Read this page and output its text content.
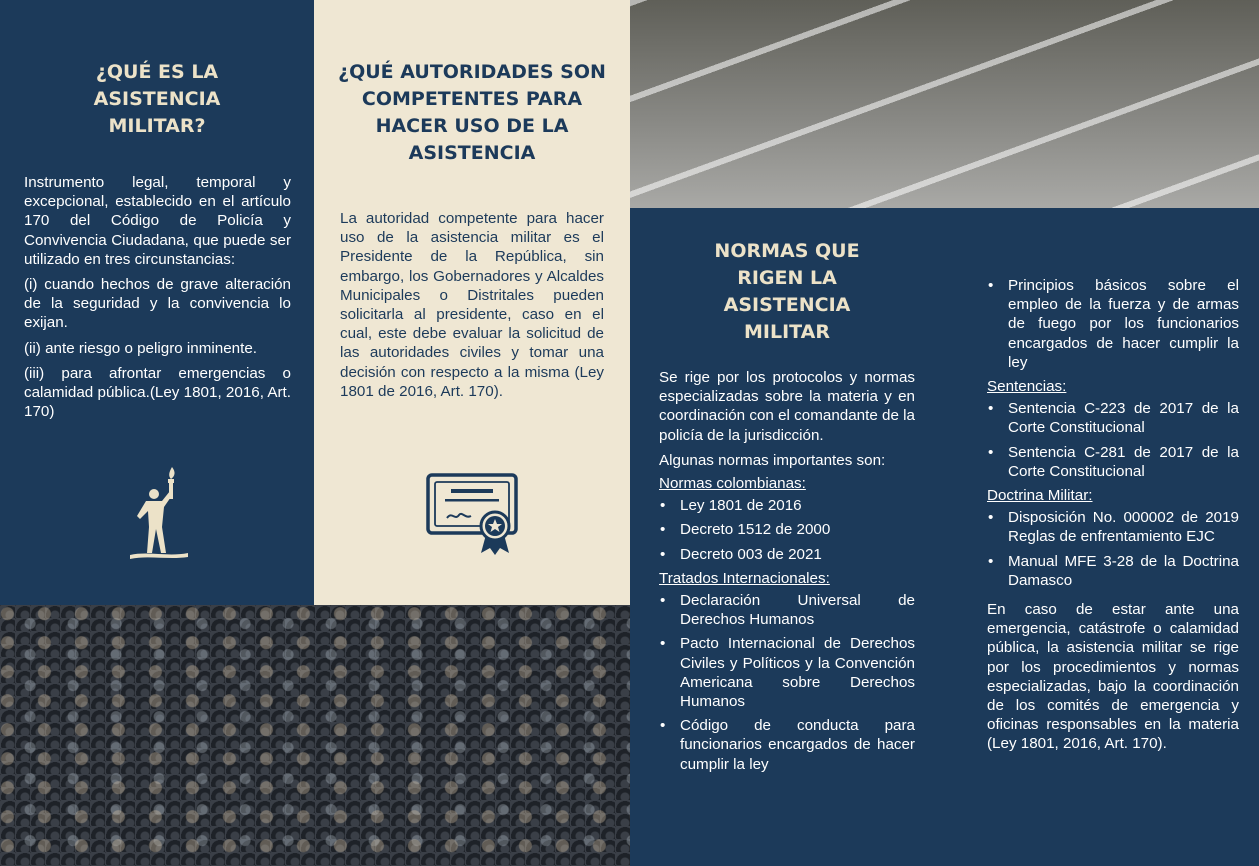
¿QUÉ ES LA ASISTENCIA MILITAR?

Instrumento legal, temporal y excepcional, establecido en el artículo 170 del Código de Policía y Convivencia Ciudadana, que puede ser utilizado en tres circunstancias:

(i) cuando hechos de grave alteración de la seguridad y la convivencia lo exijan.

(ii) ante riesgo o peligro inminente.

(iii) para afrontar emergencias o calamidad pública.(Ley 1801, 2016, Art. 170)

¿QUÉ AUTORIDADES SON COMPETENTES PARA HACER USO DE LA ASISTENCIA
La autoridad competente para hacer uso de la asistencia militar es el Presidente de la República, sin embargo, los Gobernadores y Alcaldes Municipales o Distritales pueden solicitarla al presidente, caso en el cual, este debe evaluar la solicitud de las autoridades civiles y tomar una decisión con respecto a la misma (Ley 1801 de 2016, Art. 170).
NORMAS QUE RIGEN LA ASISTENCIA MILITAR

Se rige por los protocolos y normas especializadas sobre la materia y en coordinación con el comandante de la policía de la jurisdicción.

Algunas normas importantes son:

Normas colombianas:
• Ley 1801 de 2016
• Decreto 1512 de 2000
• Decreto 003 de 2021
Tratados Internacionales:
• Declaración Universal de Derechos Humanos
• Pacto Internacional de Derechos Civiles y Políticos y la Convención Americana sobre Derechos Humanos
• Código de conducta para funcionarios encargados de hacer cumplir la ley
• Principios básicos sobre el empleo de la fuerza y de armas de fuego por los funcionarios encargados de hacer cumplir la ley
Sentencias:
• Sentencia C-223 de 2017 de la Corte Constitucional
• Sentencia C-281 de 2017 de la Corte Constitucional
Doctrina Militar:
• Disposición No. 000002 de 2019 Reglas de enfrentamiento EJC
• Manual MFE 3-28 de la Doctrina Damasco

En caso de estar ante una emergencia, catástrofe o calamidad pública, la asistencia militar se rige por los procedimientos y normas especializadas, bajo la coordinación de los comités de emergencia y oficinas responsables en la materia (Ley 1801, 2016, Art. 170).
